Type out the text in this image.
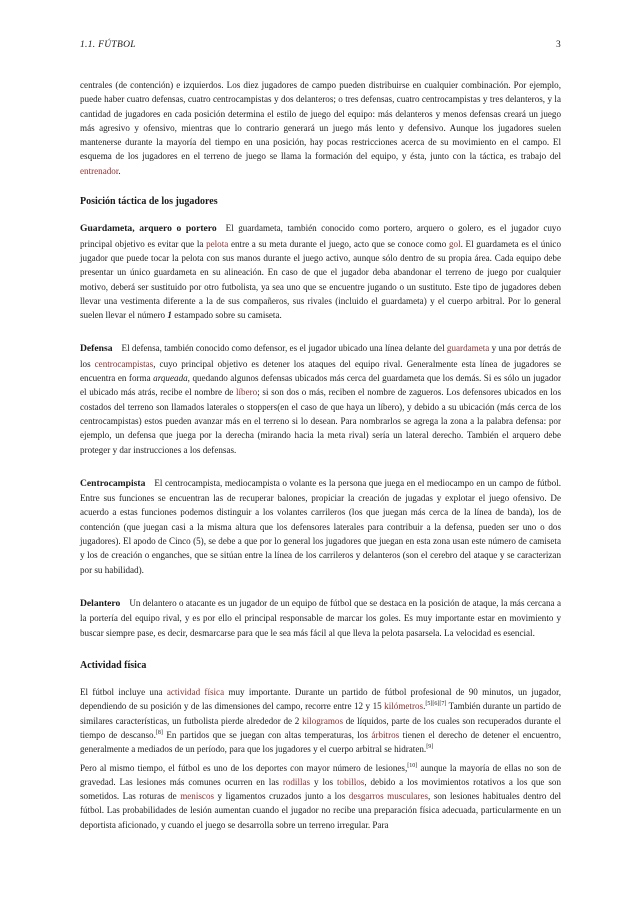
1.1. FÚTBOL	3

centrales (de contención) e izquierdos. Los diez jugadores de campo pueden distribuirse en cualquier combinación. Por ejemplo, puede haber cuatro defensas, cuatro centrocampistas y dos delanteros; o tres defensas, cuatro centrocampistas y tres delanteros, y la cantidad de jugadores en cada posición determina el estilo de juego del equipo: más delanteros y menos defensas creará un juego más agresivo y ofensivo, mientras que lo contrario generará un juego más lento y defensivo. Aunque los jugadores suelen mantenerse durante la mayoría del tiempo en una posición, hay pocas restricciones acerca de su movimiento en el campo. El esquema de los jugadores en el terreno de juego se llama la formación del equipo, y ésta, junto con la táctica, es trabajo del entrenador.

Posición táctica de los jugadores

Guardameta, arquero o portero El guardameta, también conocido como portero, arquero o golero, es el jugador cuyo principal objetivo es evitar que la pelota entre a su meta durante el juego, acto que se conoce como gol. El guardameta es el único jugador que puede tocar la pelota con sus manos durante el juego activo, aunque sólo dentro de su propia área. Cada equipo debe presentar un único guardameta en su alineación. En caso de que el jugador deba abandonar el terreno de juego por cualquier motivo, deberá ser sustituido por otro futbolista, ya sea uno que se encuentre jugando o un sustituto. Este tipo de jugadores deben llevar una vestimenta diferente a la de sus compañeros, sus rivales (incluido el guardameta) y el cuerpo arbitral. Por lo general suelen llevar el número 1 estampado sobre su camiseta.

Defensa El defensa, también conocido como defensor, es el jugador ubicado una línea delante del guardameta y una por detrás de los centrocampistas, cuyo principal objetivo es detener los ataques del equipo rival. Generalmente esta línea de jugadores se encuentra en forma arqueada, quedando algunos defensas ubicados más cerca del guardameta que los demás. Si es sólo un jugador el ubicado más atrás, recibe el nombre de líbero; si son dos o más, reciben el nombre de zagueros. Los defensores ubicados en los costados del terreno son llamados laterales o stoppers(en el caso de que haya un líbero), y debido a su ubicación (más cerca de los centrocampistas) estos pueden avanzar más en el terreno si lo desean. Para nombrarlos se agrega la zona a la palabra defensa: por ejemplo, un defensa que juega por la derecha (mirando hacia la meta rival) sería un lateral derecho. También el arquero debe proteger y dar instrucciones a los defensas.

Centrocampista El centrocampista, mediocampista o volante es la persona que juega en el mediocampo en un campo de fútbol. Entre sus funciones se encuentran las de recuperar balones, propiciar la creación de jugadas y explotar el juego ofensivo. De acuerdo a estas funciones podemos distinguir a los volantes carrileros (los que juegan más cerca de la línea de banda), los de contención (que juegan casi a la misma altura que los defensores laterales para contribuir a la defensa, pueden ser uno o dos jugadores). El apodo de Cinco (5), se debe a que por lo general los jugadores que juegan en esta zona usan este número de camiseta y los de creación o enganches, que se sitúan entre la línea de los carrileros y delanteros (son el cerebro del ataque y se caracterizan por su habilidad).

Delantero Un delantero o atacante es un jugador de un equipo de fútbol que se destaca en la posición de ataque, la más cercana a la portería del equipo rival, y es por ello el principal responsable de marcar los goles. Es muy importante estar en movimiento y buscar siempre pase, es decir, desmarcarse para que le sea más fácil al que lleva la pelota pasarsela. La velocidad es esencial.

Actividad física

El fútbol incluye una actividad física muy importante. Durante un partido de fútbol profesional de 90 minutos, un jugador, dependiendo de su posición y de las dimensiones del campo, recorre entre 12 y 15 kilómetros.[5][6][7] También durante un partido de similares características, un futbolista pierde alrededor de 2 kilogramos de líquidos, parte de los cuales son recuperados durante el tiempo de descanso.[8] En partidos que se juegan con altas temperaturas, los árbitros tienen el derecho de detener el encuentro, generalmente a mediados de un período, para que los jugadores y el cuerpo arbitral se hidraten.[9]

Pero al mismo tiempo, el fútbol es uno de los deportes con mayor número de lesiones,[10] aunque la mayoría de ellas no son de gravedad. Las lesiones más comunes ocurren en las rodillas y los tobillos, debido a los movimientos rotativos a los que son sometidos. Las roturas de meniscos y ligamentos cruzados junto a los desgarros musculares, son lesiones habituales dentro del fútbol. Las probabilidades de lesión aumentan cuando el jugador no recibe una preparación física adecuada, particularmente en un deportista aficionado, y cuando el juego se desarrolla sobre un terreno irregular. Para
